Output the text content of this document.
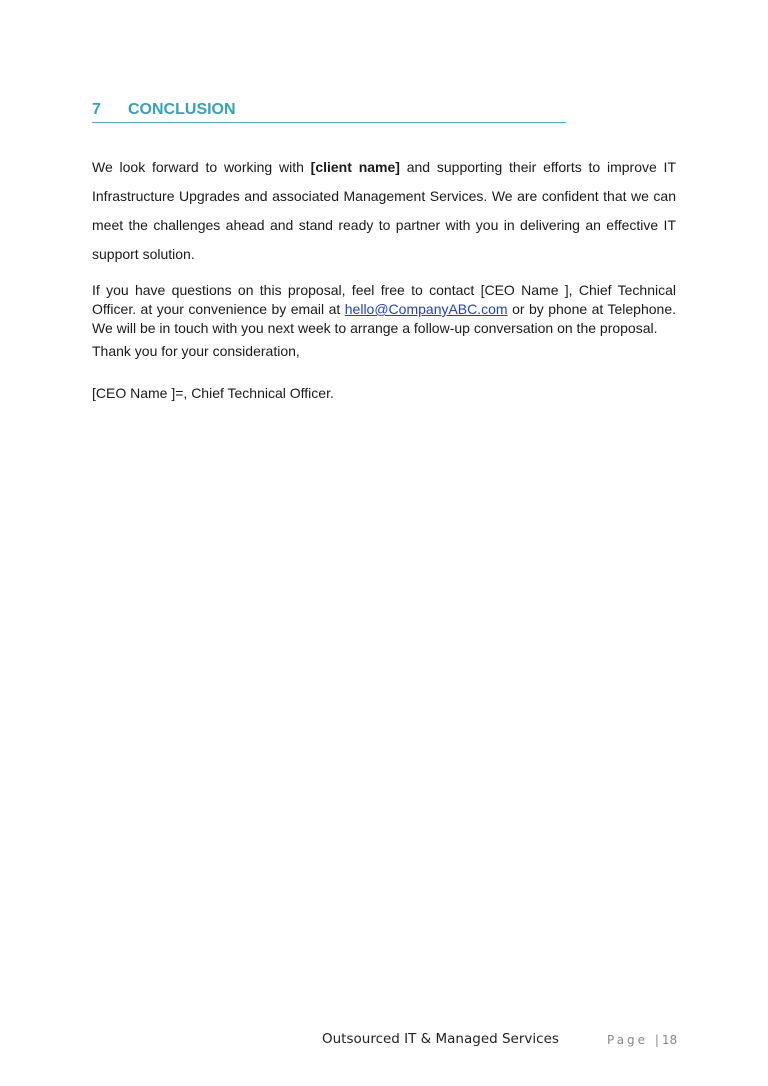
7 CONCLUSION
We look forward to working with [client name] and supporting their efforts to improve IT Infrastructure Upgrades and associated Management Services. We are confident that we can meet the challenges ahead and stand ready to partner with you in delivering an effective IT support solution.
If you have questions on this proposal, feel free to contact [CEO Name ], Chief Technical Officer. at your convenience by email at hello@CompanyABC.com or by phone at Telephone. We will be in touch with you next week to arrange a follow-up conversation on the proposal.
Thank you for your consideration,
[CEO Name ]=, Chief Technical Officer.
Outsourced IT & Managed Services	Page |18
